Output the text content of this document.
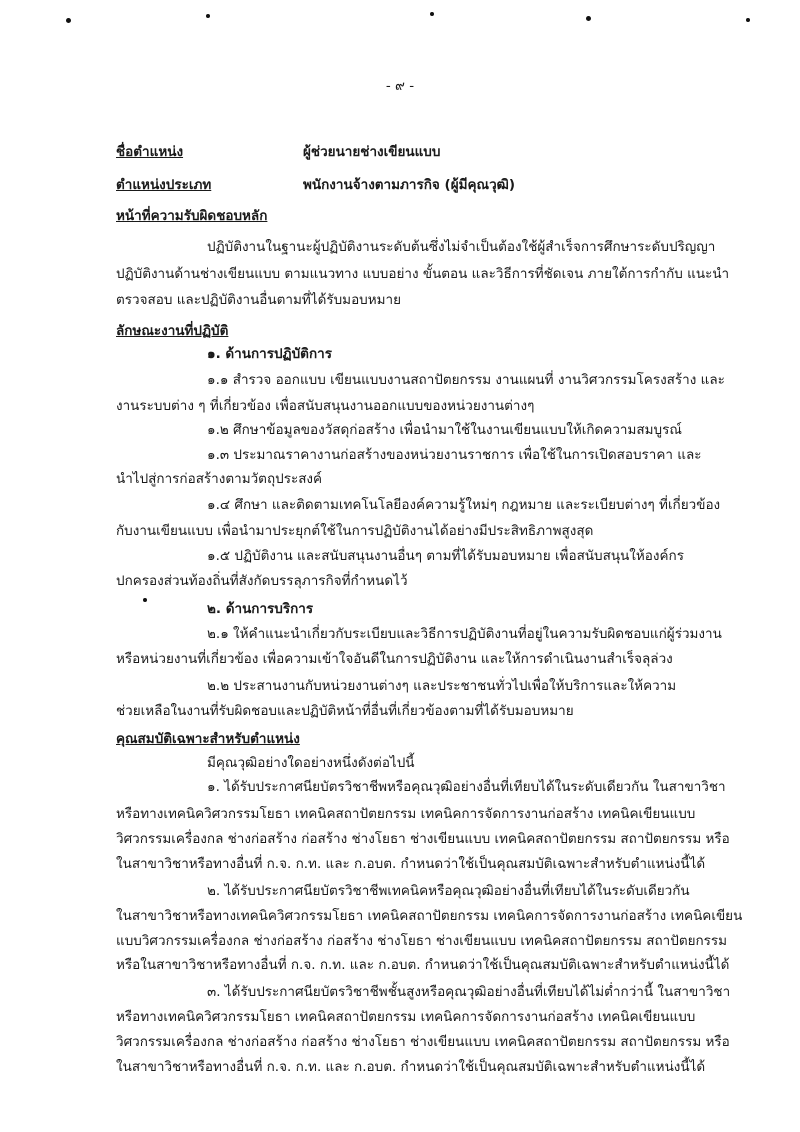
- ๙ -
ชื่อตำแหน่ง	ผู้ช่วยนายช่างเขียนแบบ
ตำแหน่งประเภท	พนักงานจ้างตามภารกิจ (ผู้มีคุณวุฒิ)
หน้าที่ความรับผิดชอบหลัก
ปฏิบัติงานในฐานะผู้ปฏิบัติงานระดับต้นซึ่งไม่จำเป็นต้องใช้ผู้สำเร็จการศึกษาระดับปริญญา
ปฏิบัติงานด้านช่างเขียนแบบ ตามแนวทาง แบบอย่าง ขั้นตอน และวิธีการที่ชัดเจน ภายใต้การกำกับ แนะนำ
ตรวจสอบ และปฏิบัติงานอื่นตามที่ได้รับมอบหมาย
ลักษณะงานที่ปฏิบัติ
๑. ด้านการปฏิบัติการ
๑.๑ สำรวจ ออกแบบ เขียนแบบงานสถาปัตยกรรม งานแผนที่ งานวิศวกรรมโครงสร้าง และ
งานระบบต่าง ๆ ที่เกี่ยวข้อง เพื่อสนับสนุนงานออกแบบของหน่วยงานต่างๆ
๑.๒ ศึกษาข้อมูลของวัสดุก่อสร้าง เพื่อนำมาใช้ในงานเขียนแบบให้เกิดความสมบูรณ์
๑.๓ ประมาณราคางานก่อสร้างของหน่วยงานราชการ เพื่อใช้ในการเปิดสอบราคา และ
นำไปสู่การก่อสร้างตามวัตถุประสงค์
๑.๔ ศึกษา และติดตามเทคโนโลยีองค์ความรู้ใหม่ๆ กฎหมาย และระเบียบต่างๆ ที่เกี่ยวข้อง
กับงานเขียนแบบ เพื่อนำมาประยุกต์ใช้ในการปฏิบัติงานได้อย่างมีประสิทธิภาพสูงสุด
๑.๕ ปฏิบัติงาน และสนับสนุนงานอื่นๆ ตามที่ได้รับมอบหมาย เพื่อสนับสนุนให้องค์กร
ปกครองส่วนท้องถิ่นที่สังกัดบรรลุภารกิจที่กำหนดไว้
๒. ด้านการบริการ
๒.๑ ให้คำแนะนำเกี่ยวกับระเบียบและวิธีการปฏิบัติงานที่อยู่ในความรับผิดชอบแก่ผู้ร่วมงาน
หรือหน่วยงานที่เกี่ยวข้อง เพื่อความเข้าใจอันดีในการปฏิบัติงาน และให้การดำเนินงานสำเร็จลุล่วง
๒.๒ ประสานงานกับหน่วยงานต่างๆ และประชาชนทั่วไปเพื่อให้บริการและให้ความ
ช่วยเหลือในงานที่รับผิดชอบและปฏิบัติหน้าที่อื่นที่เกี่ยวข้องตามที่ได้รับมอบหมาย
คุณสมบัติเฉพาะสำหรับตำแหน่ง
มีคุณวุฒิอย่างใดอย่างหนึ่งดังต่อไปนี้
๑. ได้รับประกาศนียบัตรวิชาชีพหรือคุณวุฒิอย่างอื่นที่เทียบได้ในระดับเดียวกัน ในสาขาวิชา
หรือทางเทคนิควิศวกรรมโยธา เทคนิคสถาปัตยกรรม เทคนิคการจัดการงานก่อสร้าง เทคนิคเขียนแบบ
วิศวกรรมเครื่องกล ช่างก่อสร้าง ก่อสร้าง ช่างโยธา ช่างเขียนแบบ เทคนิคสถาปัตยกรรม สถาปัตยกรรม หรือ
ในสาขาวิชาหรือทางอื่นที่ ก.จ. ก.ท. และ ก.อบต. กำหนดว่าใช้เป็นคุณสมบัติเฉพาะสำหรับตำแหน่งนี้ได้
๒. ได้รับประกาศนียบัตรวิชาชีพเทคนิคหรือคุณวุฒิอย่างอื่นที่เทียบได้ในระดับเดียวกัน
ในสาขาวิชาหรือทางเทคนิควิศวกรรมโยธา เทคนิคสถาปัตยกรรม เทคนิคการจัดการงานก่อสร้าง เทคนิคเขียน
แบบวิศวกรรมเครื่องกล ช่างก่อสร้าง ก่อสร้าง ช่างโยธา ช่างเขียนแบบ เทคนิคสถาปัตยกรรม สถาปัตยกรรม
หรือในสาขาวิชาหรือทางอื่นที่ ก.จ. ก.ท. และ ก.อบต. กำหนดว่าใช้เป็นคุณสมบัติเฉพาะสำหรับตำแหน่งนี้ได้
๓. ได้รับประกาศนียบัตรวิชาชีพชั้นสูงหรือคุณวุฒิอย่างอื่นที่เทียบได้ไม่ต่ำกว่านี้ ในสาขาวิชา
หรือทางเทคนิควิศวกรรมโยธา เทคนิคสถาปัตยกรรม เทคนิคการจัดการงานก่อสร้าง เทคนิคเขียนแบบ
วิศวกรรมเครื่องกล ช่างก่อสร้าง ก่อสร้าง ช่างโยธา ช่างเขียนแบบ เทคนิคสถาปัตยกรรม สถาปัตยกรรม หรือ
ในสาขาวิชาหรือทางอื่นที่ ก.จ. ก.ท. และ ก.อบต. กำหนดว่าใช้เป็นคุณสมบัติเฉพาะสำหรับตำแหน่งนี้ได้
